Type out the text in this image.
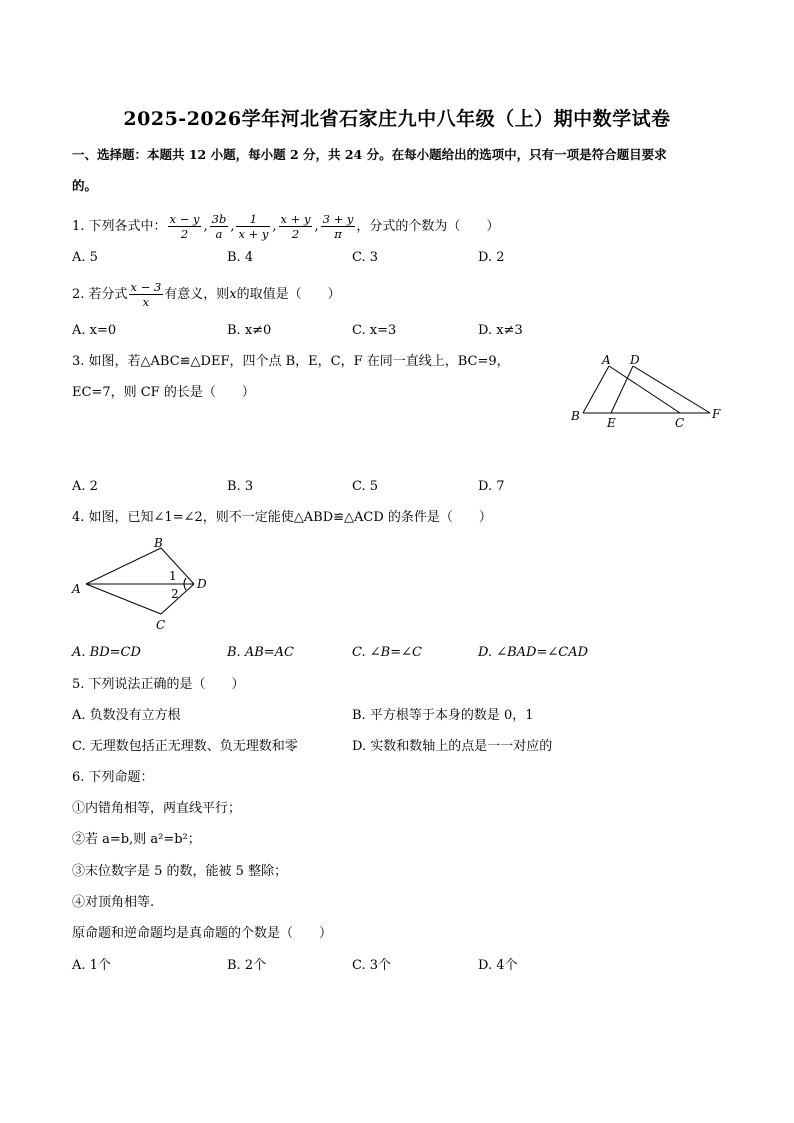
2025-2026学年河北省石家庄九中八年级（上）期中数学试卷
一、选择题：本题共 12 小题，每小题 2 分，共 24 分。在每小题给出的选项中，只有一项是符合题目要求
的。
1. 下列各式中： $\frac{x - y}{2}$ , $\frac{3b}{a}$ , $\frac{1}{x + y}$ , $\frac{x + y}{2}$ , $\frac{3 + y}{\pi}$ ，分式的个数为（　　）
A. 5	B. 4	C. 3	D. 2
2. 若分式 $\frac{x - 3}{x}$ 有意义，则x的取值是（　　）
A. x=0	B. x≠0	C. x=3	D. x≠3
3. 如图，若△ABC≌△DEF，四个点 B，E，C，F 在同一直线上，BC=9，
EC=7，则 CF 的长是（　　）
A D
B E	C
F
A. 2	B. 3	C. 5	D. 7
4. 如图，已知∠1=∠2，则不一定能使△ABD≌△ACD 的条件是（　　）
A
B
C
D
1
2
A. BD=CD	B. AB=AC	C. ∠B=∠C	D. ∠BAD=∠CAD
5. 下列说法正确的是（　　）
A. 负数没有立方根	B. 平方根等于本身的数是 0，1
C. 无理数包括正无理数、负无理数和零	D. 实数和数轴上的点是一一对应的
6. 下列命题：
①内错角相等，两直线平行；
②若 a=b,则 a²=b²；
③末位数字是 5 的数，能被 5 整除；
④对顶角相等.
原命题和逆命题均是真命题的个数是（　　）
A. 1个	B. 2个	C. 3个	D. 4个
